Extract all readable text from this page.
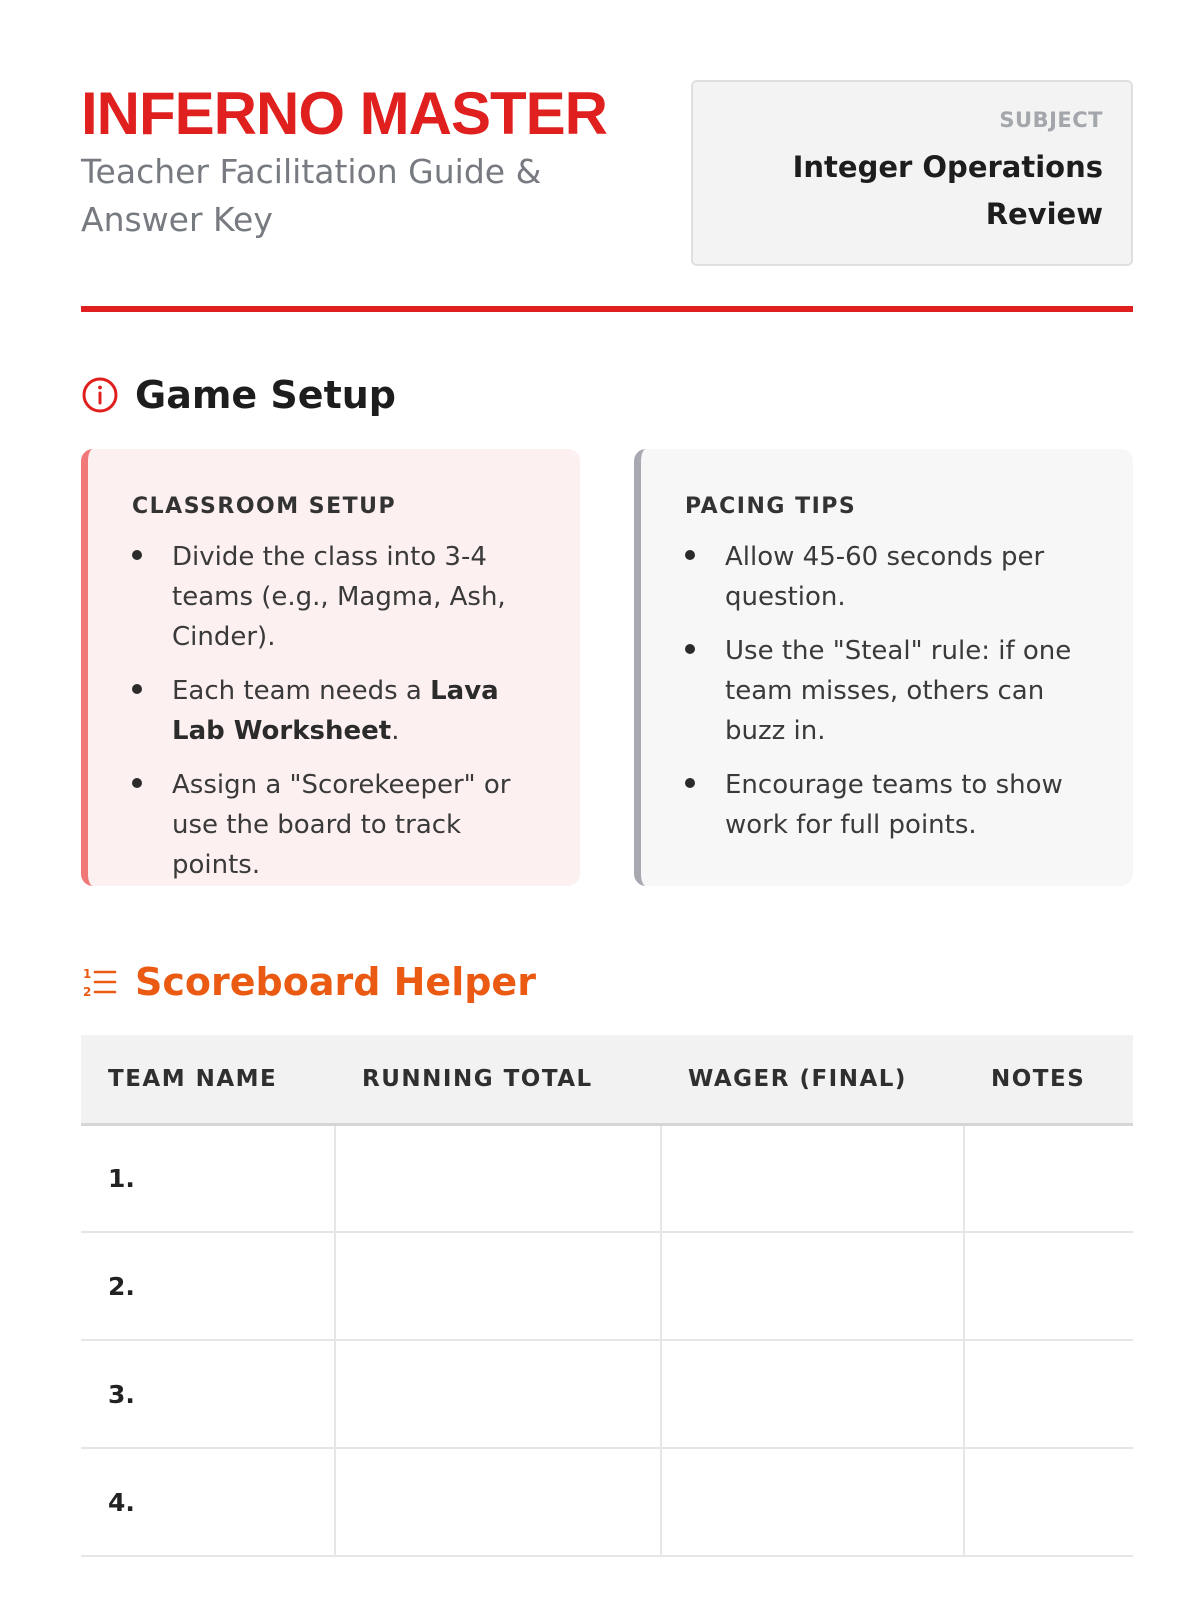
INFERNO MASTER
Teacher Facilitation Guide & Answer Key
SUBJECT
Integer Operations Review
Game Setup
CLASSROOM SETUP
Divide the class into 3-4 teams (e.g., Magma, Ash, Cinder).
Each team needs a Lava Lab Worksheet.
Assign a "Scorekeeper" or use the board to track points.
PACING TIPS
Allow 45-60 seconds per question.
Use the "Steal" rule: if one team misses, others can buzz in.
Encourage teams to show work for full points.
1
2 Scoreboard Helper
TEAM NAME	RUNNING TOTAL	WAGER (FINAL)	NOTES
1.			
2.			
3.			
4.			
